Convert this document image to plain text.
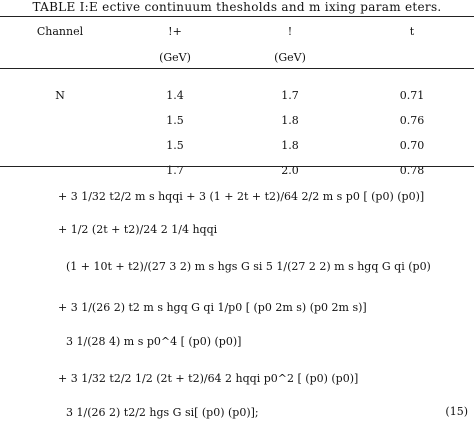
TABLE I:E ective continuum thesholds and m ixing param eters.
Channel	!+	!	t
	(GeV)	(GeV)	

N	1.4	1.7	0.71
	1.5	1.8	0.76
	1.5	1.8	0.70
	1.7	2.0	0.78
+ 3 1/32 t2/2 m s hqqi + 3 (1 + 2t + t2)/64 2/2 m s p0 [ (p0) (p0)]
+ 1/2 (2t + t2)/24 2 1/4 hqqi
(1 + 10t + t2)/(27 3 2) m s hgs G si 5 1/(27 2 2) m s hgq G qi (p0)
+ 3 1/(26 2) t2 m s hgq G qi 1/p0 [ (p0 2m s) (p0 2m s)]
3 1/(28 4) m s p0^4 [ (p0) (p0)]
+ 3 1/32 t2/2 1/2 (2t + t2)/64 2 hqqi p0^2 [ (p0) (p0)]
3 1/(26 2) t2/2 hgs G si[ (p0) (p0)];	(15)
